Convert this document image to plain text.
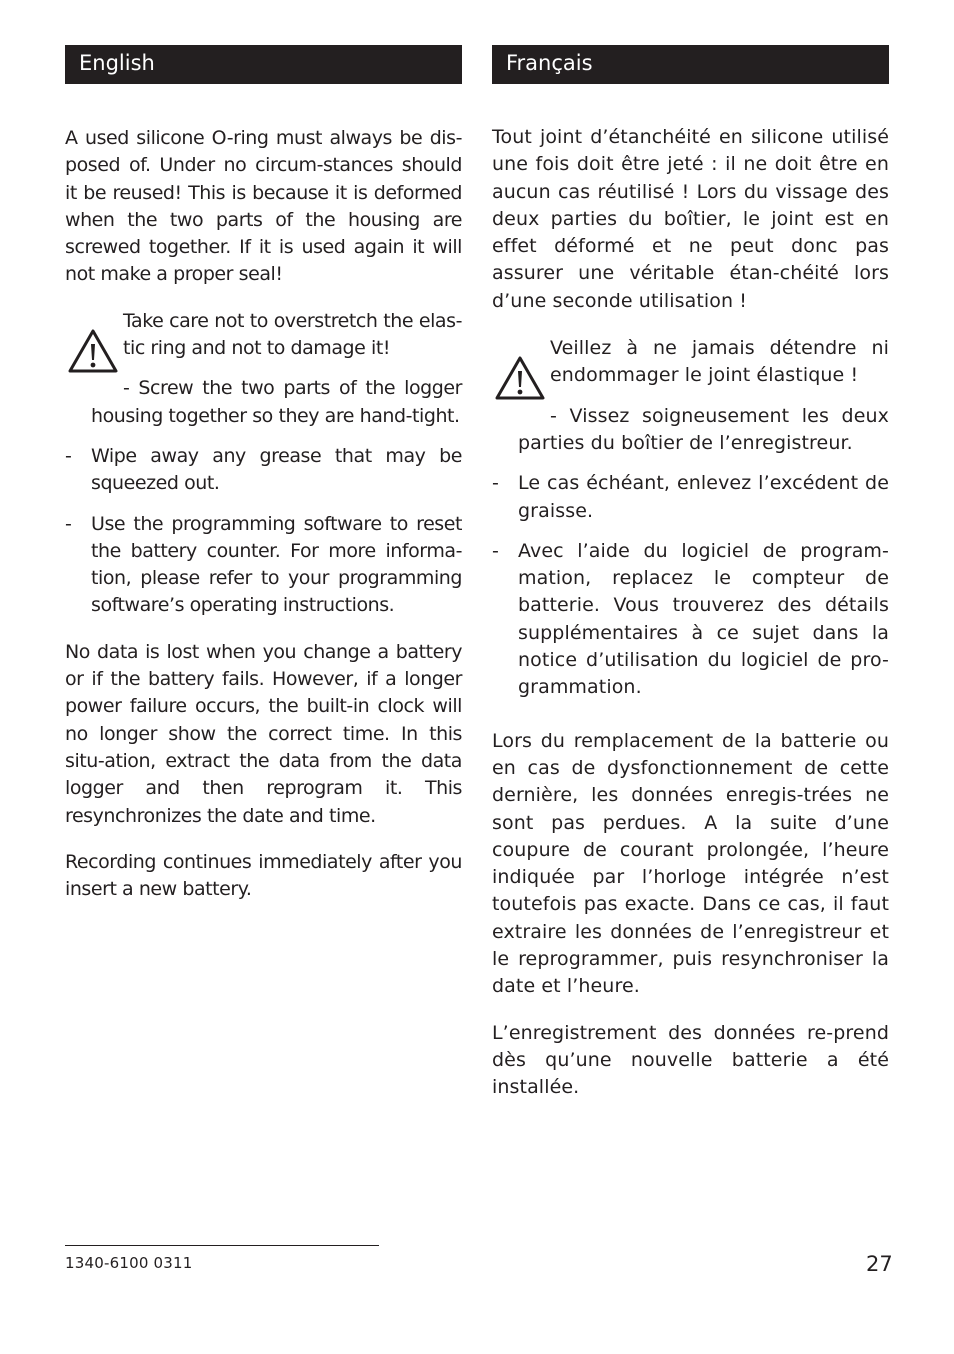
English

A used silicone O-ring must always be dis-posed of. Under no circum-stances should it be reused! This is because it is deformed when the two parts of the housing are screwed together. If it is used again it will not make a proper seal!

Take care not to overstretch the elas-tic ring and not to damage it!

- Screw the two parts of the logger housing together so they are hand-tight.

- Wipe away any grease that may be squeezed out.

- Use the programming software to reset the battery counter. For more informa-tion, please refer to your programming software’s operating instructions.

No data is lost when you change a battery or if the battery fails. However, if a longer power failure occurs, the built-in clock will no longer show the correct time. In this situ-ation, extract the data from the data logger and then reprogram it. This resynchronizes the date and time.

Recording continues immediately after you insert a new battery.

Français

Tout joint d’étanchéité en silicone utilisé une fois doit être jeté : il ne doit être en aucun cas réutilisé ! Lors du vissage des deux parties du boîtier, le joint est en effet déformé et ne peut donc pas assurer une véritable étan-chéité lors d’une seconde utilisation !

Veillez à ne jamais détendre ni endommager le joint élastique !

- Vissez soigneusement les deux parties du boîtier de l’enregistreur.

- Le cas échéant, enlevez l’excédent de graisse.

- Avec l’aide du logiciel de program-mation, replacez le compteur de batterie. Vous trouverez des détails supplémentaires à ce sujet dans la notice d’utilisation du logiciel de pro-grammation.

Lors du remplacement de la batterie ou en cas de dysfonctionnement de cette dernière, les données enregis-trées ne sont pas perdues. A la suite d’une coupure de courant prolongée, l’heure indiquée par l’horloge intégrée n’est toutefois pas exacte. Dans ce cas, il faut extraire les données de l’enregistreur et le reprogrammer, puis resynchroniser la date et l’heure.

L’enregistrement des données re-prend dès qu’une nouvelle batterie a été installée.

1340-6100 0311	27
